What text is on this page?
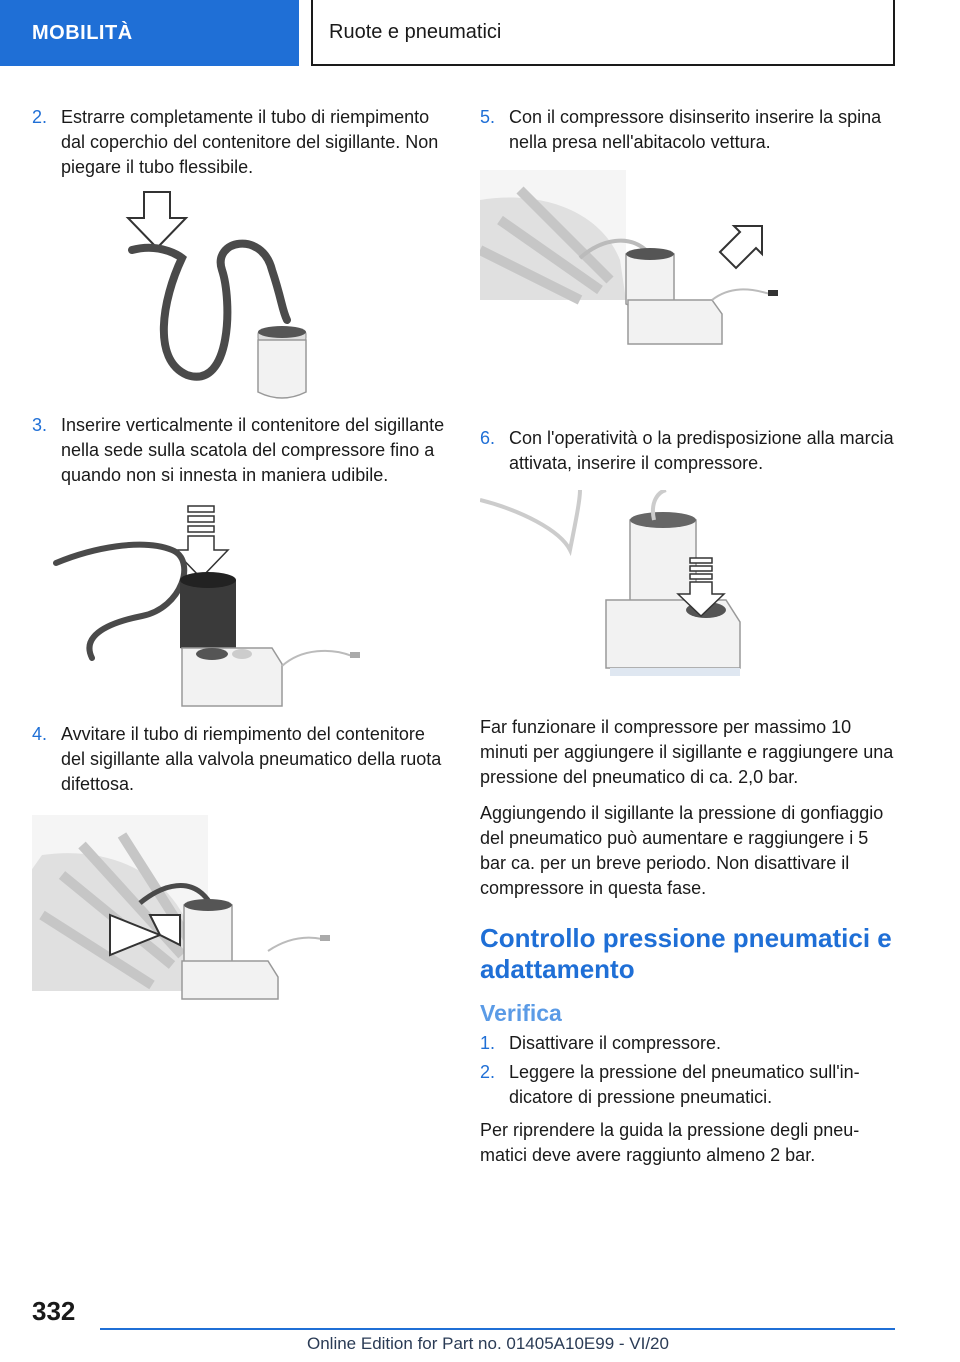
MOBILITÀ	Ruote e pneumatici
2. Estrarre completamente il tubo di riempimento dal coperchio del contenitore del sigillante. Non piegare il tubo flessibile.
3. Inserire verticalmente il contenitore del sigillante nella sede sulla scatola del compressore fino a quando non si innesta in maniera udibile.
4. Avvitare il tubo di riempimento del contenitore del sigillante alla valvola pneumatico della ruota difettosa.
5. Con il compressore disinserito inserire la spina nella presa nell'abitacolo vettura.
6. Con l'operatività o la predisposizione alla marcia attivata, inserire il compressore.

Far funzionare il compressore per massimo 10 minuti per aggiungere il sigillante e raggiungere una pressione del pneumatico di ca. 2,0 bar.

Aggiungendo il sigillante la pressione di gonfiaggio del pneumatico può aumentare e raggiungere i 5 bar ca. per un breve periodo. Non disattivare il compressore in questa fase.

Controllo pressione pneumatici e adattamento
Verifica
1. Disattivare il compressore.
2. Leggere la pressione del pneumatico sull'indicatore di pressione pneumatici.

Per riprendere la guida la pressione degli pneumatici deve avere raggiunto almeno 2 bar.

332
Online Edition for Part no. 01405A10E99 - VI/20
